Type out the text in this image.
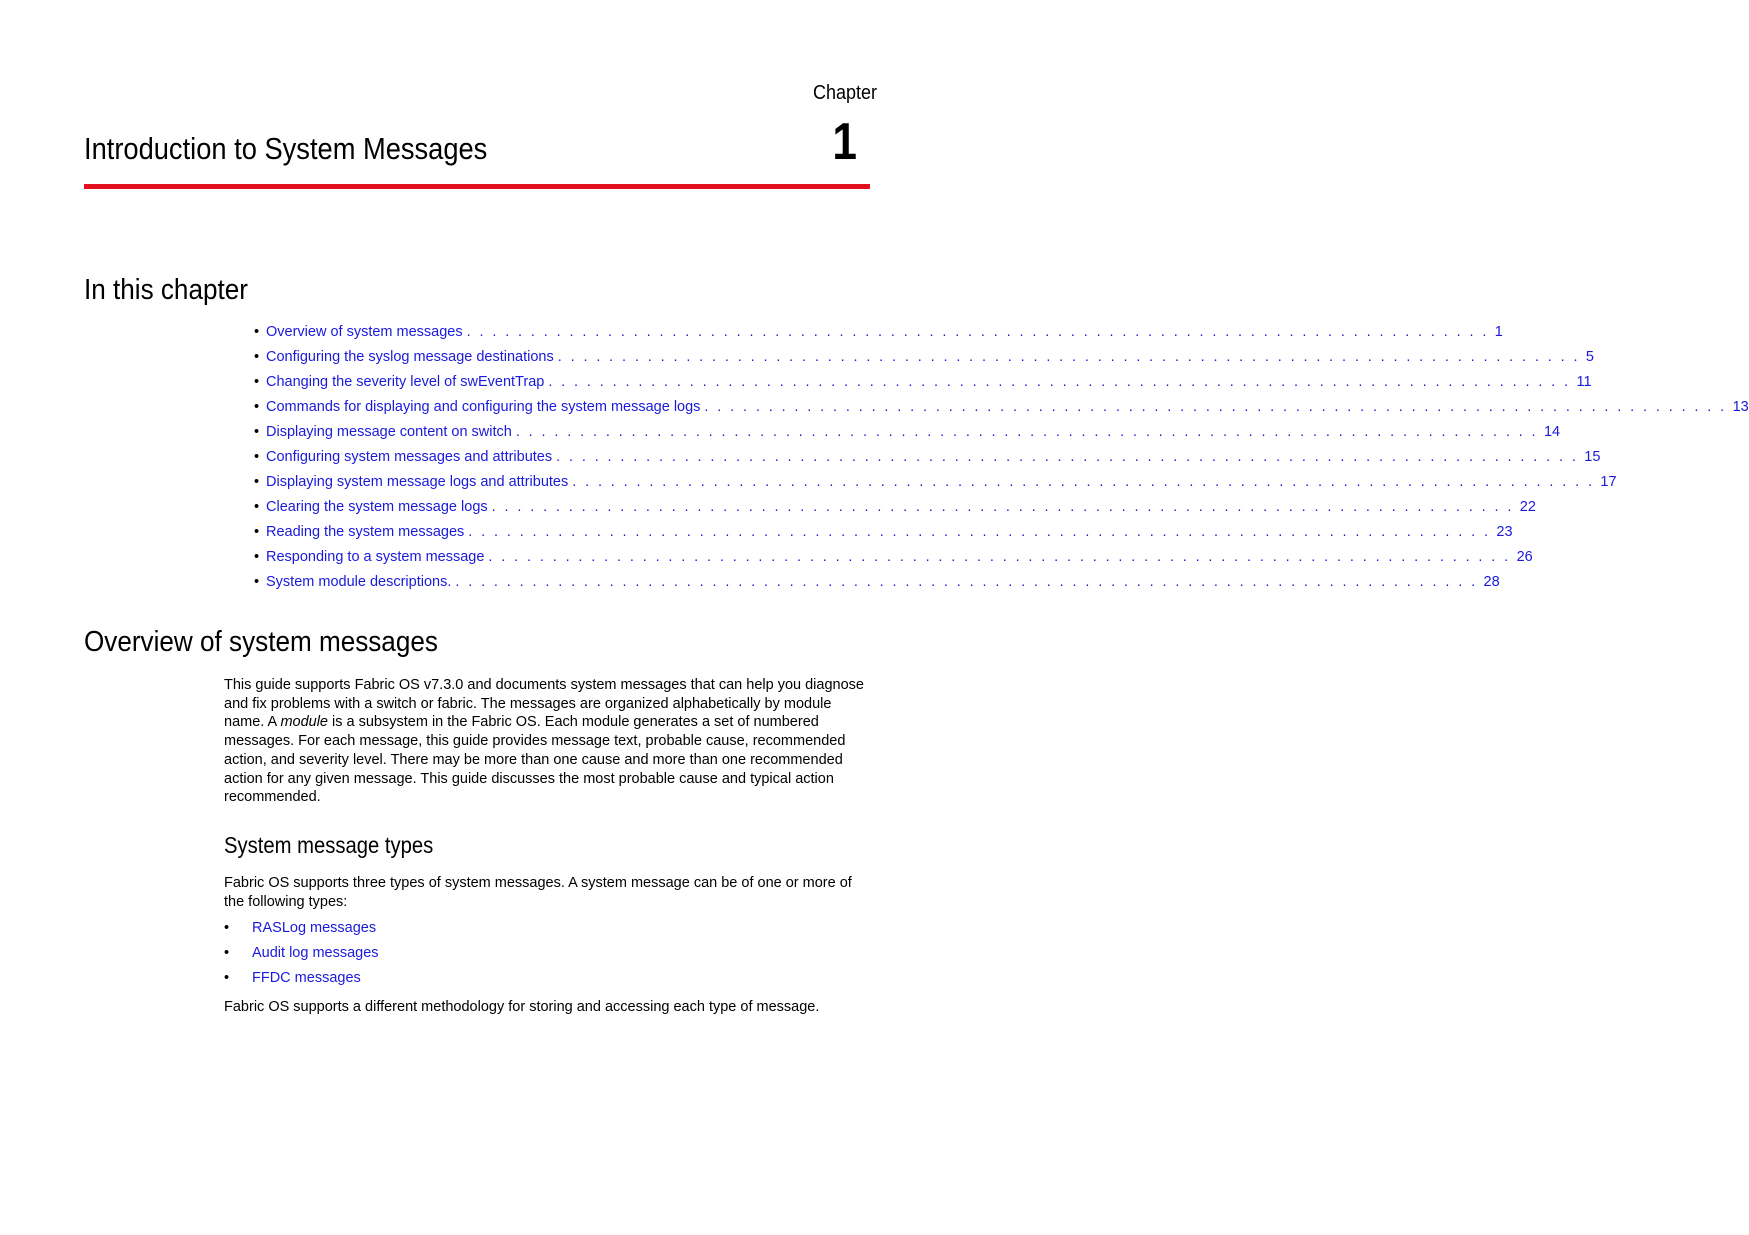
Chapter
1
Introduction to System Messages
In this chapter
• Overview of system messages . . . . . . . . . . . . . . . . . . . . . . . . . . . . . . . . . . . . . . . . . . . . . . . . . . . . . . . . . . . . . . . . . . . . . . . . . . . . . . . . 1
• Configuring the syslog message destinations . . . . . . . . . . . . . . . . . . . . . . . . . . . . . . . . . . . . . . . . . . . . . . . . . . . . . . . . . . . . . . . . . . . . . . . . . . . . . . . . 5
• Changing the severity level of swEventTrap . . . . . . . . . . . . . . . . . . . . . . . . . . . . . . . . . . . . . . . . . . . . . . . . . . . . . . . . . . . . . . . . . . . . . . . . . . . . . . . . 11
• Commands for displaying and configuring the system message logs . . . . . . . . . . . . . . . . . . . . . . . . . . . . . . . . . . . . . . . . . . . . . . . . . . . . . . . . . . . . . . . . . . . . . . . . . . . . . . . . 13
• Displaying message content on switch . . . . . . . . . . . . . . . . . . . . . . . . . . . . . . . . . . . . . . . . . . . . . . . . . . . . . . . . . . . . . . . . . . . . . . . . . . . . . . . . 14
• Configuring system messages and attributes . . . . . . . . . . . . . . . . . . . . . . . . . . . . . . . . . . . . . . . . . . . . . . . . . . . . . . . . . . . . . . . . . . . . . . . . . . . . . . . . 15
• Displaying system message logs and attributes . . . . . . . . . . . . . . . . . . . . . . . . . . . . . . . . . . . . . . . . . . . . . . . . . . . . . . . . . . . . . . . . . . . . . . . . . . . . . . . . 17
• Clearing the system message logs . . . . . . . . . . . . . . . . . . . . . . . . . . . . . . . . . . . . . . . . . . . . . . . . . . . . . . . . . . . . . . . . . . . . . . . . . . . . . . . . 22
• Reading the system messages . . . . . . . . . . . . . . . . . . . . . . . . . . . . . . . . . . . . . . . . . . . . . . . . . . . . . . . . . . . . . . . . . . . . . . . . . . . . . . . . 23
• Responding to a system message . . . . . . . . . . . . . . . . . . . . . . . . . . . . . . . . . . . . . . . . . . . . . . . . . . . . . . . . . . . . . . . . . . . . . . . . . . . . . . . . 26
• System module descriptions. . . . . . . . . . . . . . . . . . . . . . . . . . . . . . . . . . . . . . . . . . . . . . . . . . . . . . . . . . . . . . . . . . . . . . . . . . . . . . . . . 28
Overview of system messages

This guide supports Fabric OS v7.3.0 and documents system messages that can help you diagnose and fix problems with a switch or fabric. The messages are organized alphabetically by module name. A module is a subsystem in the Fabric OS. Each module generates a set of numbered messages. For each message, this guide provides message text, probable cause, recommended action, and severity level. There may be more than one cause and more than one recommended action for any given message. This guide discusses the most probable cause and typical action recommended.

System message types

Fabric OS supports three types of system messages. A system message can be of one or more of the following types:

•	RASLog messages
•	Audit log messages
•	FFDC messages

Fabric OS supports a different methodology for storing and accessing each type of message.
